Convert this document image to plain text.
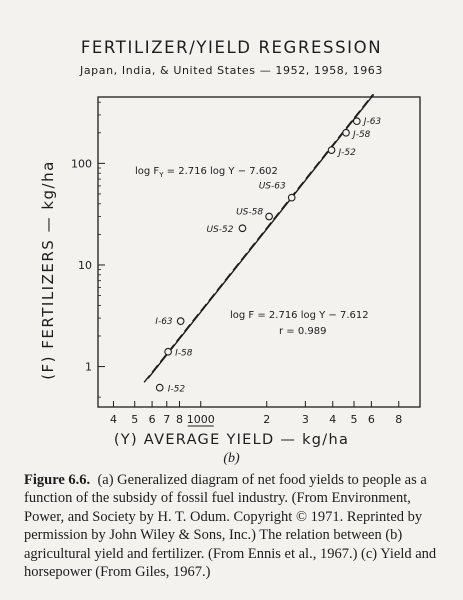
FERTILIZER/YIELD REGRESSION
Japan, India, & United States — 1952, 1958, 1963
(F) FERTILIZERS — kg/ha
(Y) AVERAGE YIELD — kg/ha
(b)
4 5 6 7 8 1000	2	3 4 5 6 8
1
10
100
I-52
I-58
I-63
US-52
US-58
US-63
J-52
J-58
J-63
$\log F_Y = 2.716$ log Y − 7.602
log F = 2.716 log Y − 7.612
r = 0.989
Figure 6.6. (a) Generalized diagram of net food yields to people as a function of the subsidy of fossil fuel industry. (From Environment, Power, and Society by H. T. Odum. Copyright © 1971. Reprinted by permission by John Wiley & Sons, Inc.) The relation between (b) agricultural yield and fertilizer. (From Ennis et al., 1967.) (c) Yield and horsepower (From Giles, 1967.)
